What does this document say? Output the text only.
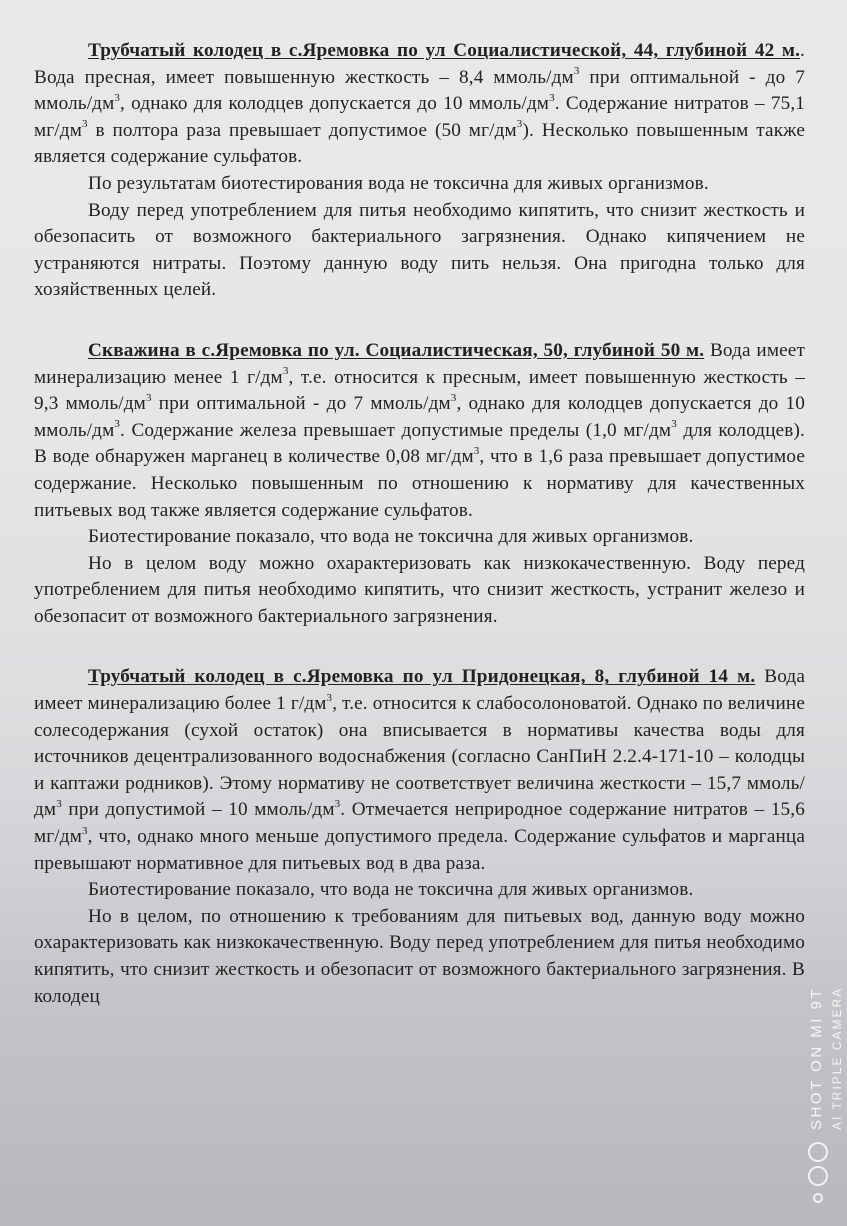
Трубчатый колодец в с.Яремовка по ул Социалистической, 44, глубиной 42 м.. Вода пресная, имеет повышенную жесткость – 8,4 ммоль/$дм^3$ при оптимальной - до 7 ммоль/$дм^3$, однако для колодцев допускается до 10 ммоль/$дм^3$. Содержание нитратов – 75,1 $мг/дм^3$ в полтора раза превышает допустимое (50 $мг/дм^3$). Несколько повышенным также является содержание сульфатов.

По результатам биотестирования вода не токсична для живых организмов.

Воду перед употреблением для питья необходимо кипятить, что снизит жесткость и обезопасить от возможного бактериального загрязнения. Однако кипячением не устраняются нитраты. Поэтому данную воду пить нельзя. Она пригодна только для хозяйственных целей.

Скважина в с.Яремовка по ул. Социалистическая, 50, глубиной 50 м. Вода имеет минерализацию менее 1 $г/дм^3$, т.е. относится к пресным, имеет повышенную жесткость – 9,3 ммоль/$дм^3$ при оптимальной - до 7 ммоль/$дм^3$, однако для колодцев допускается до 10 ммоль/$дм^3$. Содержание железа превышает допустимые пределы (1,0 $мг/дм^3$ для колодцев). В воде обнаружен марганец в количестве 0,08 $мг/дм^3$, что в 1,6 раза превышает допустимое содержание. Несколько повышенным по отношению к нормативу для качественных питьевых вод также является содержание сульфатов.

Биотестирование показало, что вода не токсична для живых организмов.

Но в целом воду можно охарактеризовать как низкокачественную. Воду перед употреблением для питья необходимо кипятить, что снизит жесткость, устранит железо и обезопасит от возможного бактериального загрязнения.

Трубчатый колодец в с.Яремовка по ул Придонецкая, 8, глубиной 14 м. Вода имеет минерализацию более 1 $г/дм^3$, т.е. относится к слабосолоноватой. Однако по величине солесодержания (сухой остаток) она вписывается в нормативы качества воды для источников децентрализованного водоснабжения (согласно СанПиН 2.2.4-171-10 – колодцы и каптажи родников). Этому нормативу не соответствует величина жесткости – 15,7 ммоль/$дм^3$ при допустимой – 10 ммоль/$дм^3$. Отмечается неприродное содержание нитратов – 15,6 $мг/дм^3$, что, однако много меньше допустимого предела. Содержание сульфатов и марганца превышают нормативное для питьевых вод в два раза.

Биотестирование показало, что вода не токсична для живых организмов.

Но в целом, по отношению к требованиям для питьевых вод, данную воду можно охарактеризовать как низкокачественную. Воду перед употреблением для питья необходимо кипятить, что снизит жесткость и обезопасит от возможного бактериального загрязнения. В колодец	SHOT ON MI 9T AI TRIPLE CAMERA
